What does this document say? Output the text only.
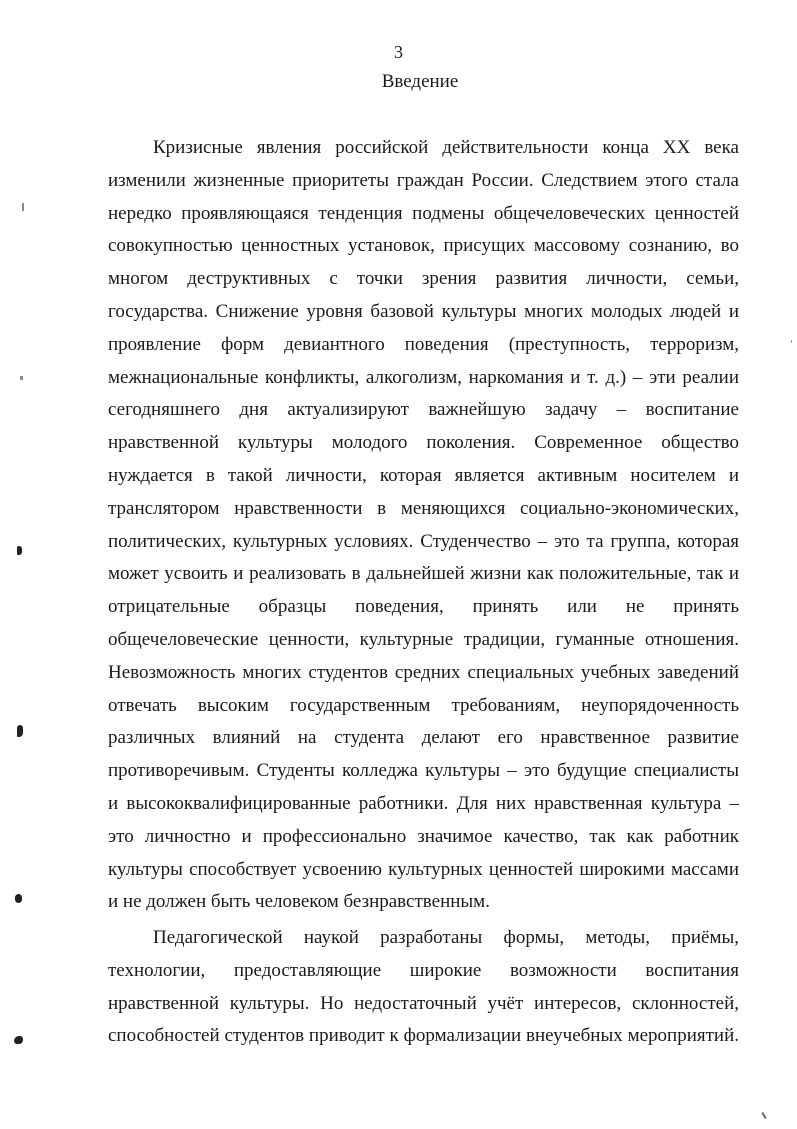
3
Введение
Кризисные явления российской действительности конца XX века
изменили жизненные приоритеты граждан России. Следствием этого стала
нередко проявляющаяся тенденция подмены общечеловеческих ценностей
совокупностью ценностных установок, присущих массовому сознанию, во
многом деструктивных с точки зрения развития личности, семьи,
государства. Снижение уровня базовой культуры многих молодых людей и
проявление форм девиантного поведения (преступность, терроризм,
межнациональные конфликты, алкоголизм, наркомания и т. д.) – эти реалии
сегодняшнего дня актуализируют важнейшую задачу – воспитание
нравственной культуры молодого поколения. Современное общество
нуждается в такой личности, которая является активным носителем и
транслятором нравственности в меняющихся социально-экономических,
политических, культурных условиях. Студенчество – это та группа, которая
может усвоить и реализовать в дальнейшей жизни как положительные, так и
отрицательные образцы поведения, принять или не принять
общечеловеческие ценности, культурные традиции, гуманные отношения.
Невозможность многих студентов средних специальных учебных заведений
отвечать высоким государственным требованиям, неупорядоченность
различных влияний на студента делают его нравственное развитие
противоречивым. Студенты колледжа культуры – это будущие специалисты
и высококвалифицированные работники. Для них нравственная культура –
это личностно и профессионально значимое качество, так как работник
культуры способствует усвоению культурных ценностей широкими массами
и не должен быть человеком безнравственным.
Педагогической наукой разработаны формы, методы, приёмы,
технологии, предоставляющие широкие возможности воспитания
нравственной культуры. Но недостаточный учёт интересов, склонностей,
способностей студентов приводит к формализации внеучебных мероприятий.
